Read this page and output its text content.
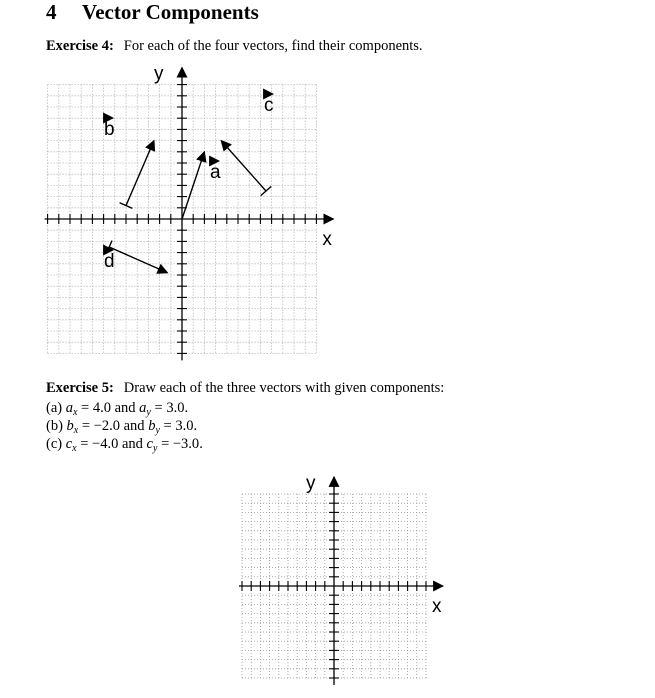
4 Vector Components
Exercise 4: For each of the four vectors, find their components.
x
y
a
b
c
d
Exercise 5: Draw each of the three vectors with given components:
(a) $a_x = 4.0$ and $a_y = 3.0$.
(b) $b_x = -2.0$ and $b_y = 3.0$.
(c) $c_x = -4.0$ and $c_y = -3.0$.
x
y
